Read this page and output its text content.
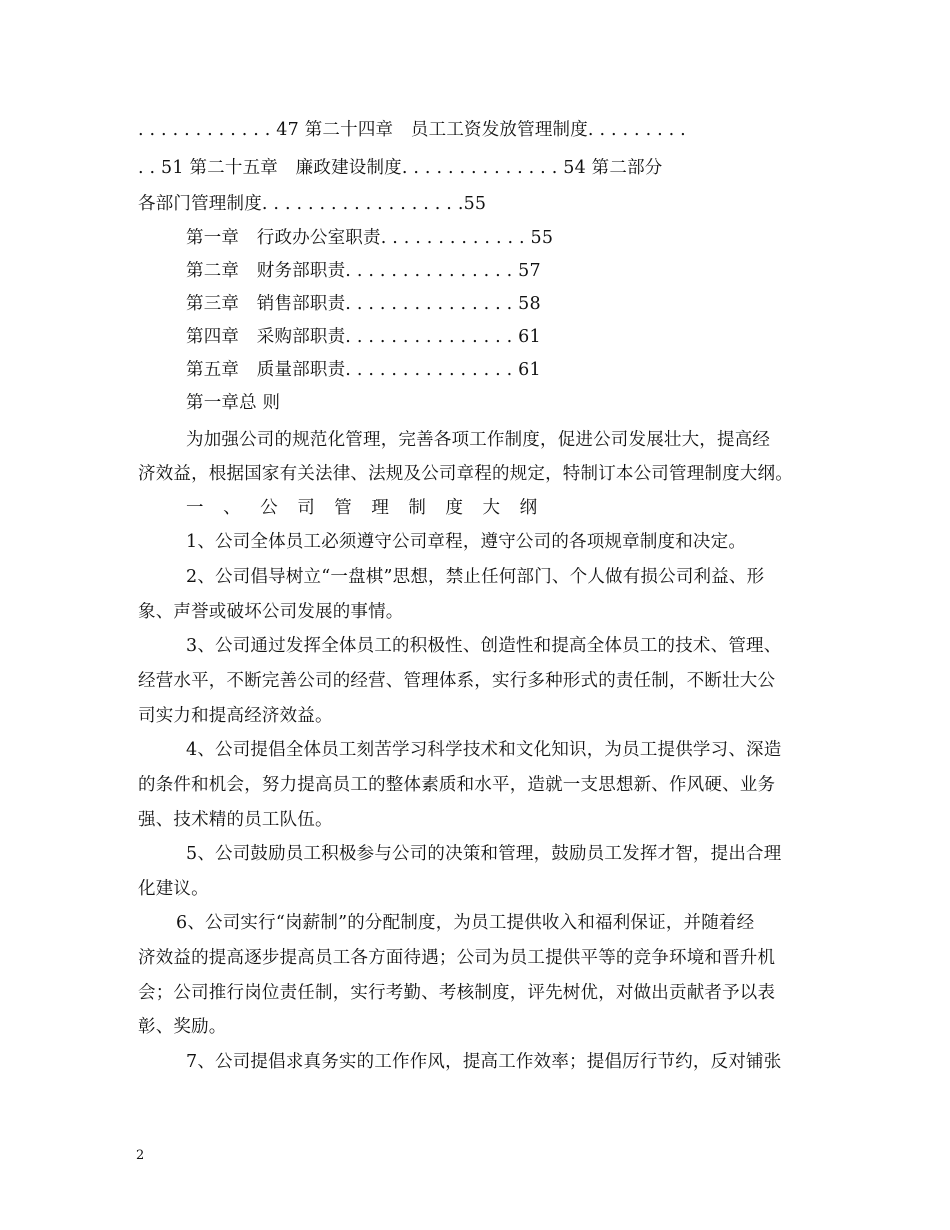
. . . . . . . . . . . . 47 第二十四章　员工工资发放管理制度. . . . . . . . .
. . 51 第二十五章　廉政建设制度. . . . . . . . . . . . . . 54 第二部分
各部门管理制度. . . . . . . . . . . . . . . . . .55
第一章　行政办公室职责. . . . . . . . . . . . . 55
第二章　财务部职责. . . . . . . . . . . . . . . 57
第三章　销售部职责. . . . . . . . . . . . . . . 58
第四章　采购部职责. . . . . . . . . . . . . . . 61
第五章　质量部职责. . . . . . . . . . . . . . . 61
第一章总 则
为加强公司的规范化管理，完善各项工作制度，促进公司发展壮大，提高经
济效益，根据国家有关法律、法规及公司章程的规定，特制订本公司管理制度大纲。
一 、 公 司 管 理 制 度 大 纲
1、公司全体员工必须遵守公司章程，遵守公司的各项规章制度和决定。
2、公司倡导树立“一盘棋”思想，禁止任何部门、个人做有损公司利益、形
象、声誉或破坏公司发展的事情。
3、公司通过发挥全体员工的积极性、创造性和提高全体员工的技术、管理、
经营水平，不断完善公司的经营、管理体系，实行多种形式的责任制，不断壮大公
司实力和提高经济效益。
4、公司提倡全体员工刻苦学习科学技术和文化知识，为员工提供学习、深造
的条件和机会，努力提高员工的整体素质和水平，造就一支思想新、作风硬、业务
强、技术精的员工队伍。
5、公司鼓励员工积极参与公司的决策和管理，鼓励员工发挥才智，提出合理
化建议。
6、公司实行“岗薪制”的分配制度，为员工提供收入和福利保证，并随着经
济效益的提高逐步提高员工各方面待遇；公司为员工提供平等的竞争环境和晋升机
会；公司推行岗位责任制，实行考勤、考核制度，评先树优，对做出贡献者予以表
彰、奖励。
7、公司提倡求真务实的工作作风，提高工作效率；提倡厉行节约，反对铺张
2
